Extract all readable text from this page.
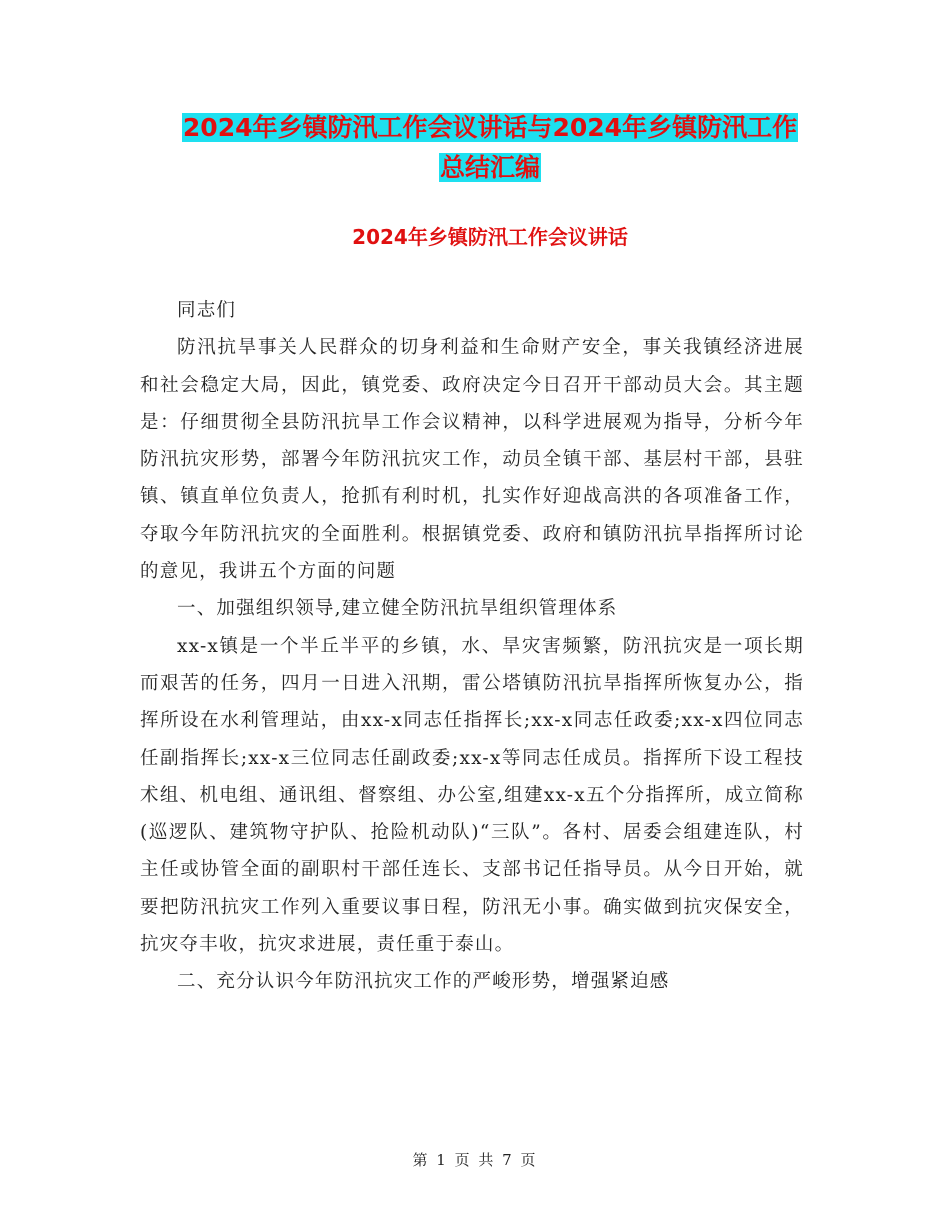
2024年乡镇防汛工作会议讲话与2024年乡镇防汛工作
总结汇编
2024年乡镇防汛工作会议讲话

同志们

防汛抗旱事关人民群众的切身利益和生命财产安全，事关我镇经济进展和社会稳定大局，因此，镇党委、政府决定今日召开干部动员大会。其主题是：仔细贯彻全县防汛抗旱工作会议精神，以科学进展观为指导，分析今年防汛抗灾形势，部署今年防汛抗灾工作，动员全镇干部、基层村干部，县驻镇、镇直单位负责人，抢抓有利时机，扎实作好迎战高洪的各项准备工作，夺取今年防汛抗灾的全面胜利。根据镇党委、政府和镇防汛抗旱指挥所讨论的意见，我讲五个方面的问题

一、加强组织领导,建立健全防汛抗旱组织管理体系

xx-x镇是一个半丘半平的乡镇，水、旱灾害频繁，防汛抗灾是一项长期而艰苦的任务，四月一日进入汛期，雷公塔镇防汛抗旱指挥所恢复办公，指挥所设在水利管理站，由xx-x同志任指挥长;xx-x同志任政委;xx-x四位同志任副指挥长;xx-x三位同志任副政委;xx-x等同志任成员。指挥所下设工程技术组、机电组、通讯组、督察组、办公室,组建xx-x五个分指挥所，成立简称(巡逻队、建筑物守护队、抢险机动队)“三队”。各村、居委会组建连队，村主任或协管全面的副职村干部任连长、支部书记任指导员。从今日开始，就要把防汛抗灾工作列入重要议事日程，防汛无小事。确实做到抗灾保安全，抗灾夺丰收，抗灾求进展，责任重于泰山。

二、充分认识今年防汛抗灾工作的严峻形势，增强紧迫感

第 1 页 共 7 页
